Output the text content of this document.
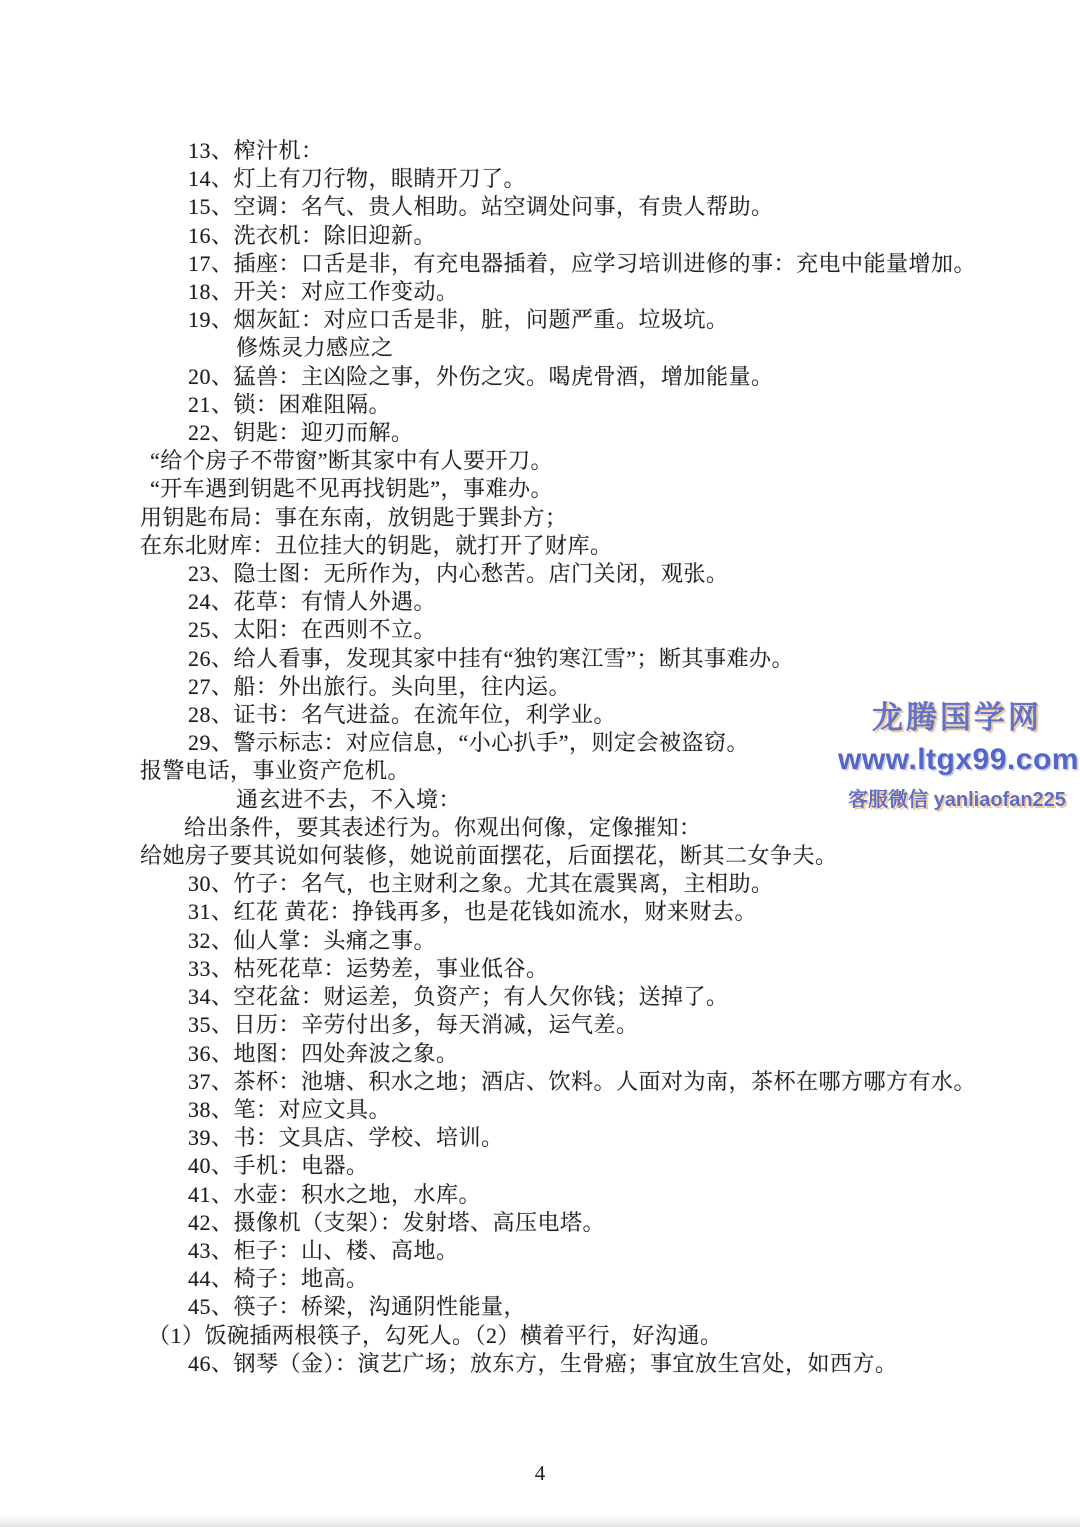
13、榨汁机：

14、灯上有刀行物，眼睛开刀了。

15、空调：名气、贵人相助。站空调处问事，有贵人帮助。

16、洗衣机：除旧迎新。

17、插座：口舌是非，有充电器插着，应学习培训进修的事：充电中能量增加。

18、开关：对应工作变动。

19、烟灰缸：对应口舌是非，脏，问题严重。垃圾坑。

修炼灵力感应之

20、猛兽：主凶险之事，外伤之灾。喝虎骨酒，增加能量。

21、锁：困难阻隔。

22、钥匙：迎刃而解。

“给个房子不带窗”断其家中有人要开刀。

“开车遇到钥匙不见再找钥匙”，事难办。

用钥匙布局：事在东南，放钥匙于巽卦方；

在东北财库：丑位挂大的钥匙，就打开了财库。

23、隐士图：无所作为，内心愁苦。店门关闭，观张。

24、花草：有情人外遇。

25、太阳：在西则不立。

26、给人看事，发现其家中挂有“独钓寒江雪”；断其事难办。

27、船：外出旅行。头向里，往内运。

28、证书：名气进益。在流年位，利学业。

29、警示标志：对应信息，“小心扒手”，则定会被盗窃。

报警电话，事业资产危机。

通玄进不去，不入境：

给出条件，要其表述行为。你观出何像，定像摧知：

给她房子要其说如何装修，她说前面摆花，后面摆花，断其二女争夫。

30、竹子：名气，也主财利之象。尤其在震巽离，主相助。

31、红花 黄花：挣钱再多，也是花钱如流水，财来财去。

32、仙人掌：头痛之事。

33、枯死花草：运势差，事业低谷。

34、空花盆：财运差，负资产；有人欠你钱；送掉了。

35、日历：辛劳付出多，每天消减，运气差。

36、地图：四处奔波之象。

37、茶杯：池塘、积水之地；酒店、饮料。人面对为南，茶杯在哪方哪方有水。

38、笔：对应文具。

39、书：文具店、学校、培训。

40、手机：电器。

41、水壶：积水之地，水库。

42、摄像机（支架）：发射塔、高压电塔。

43、柜子：山、楼、高地。

44、椅子：地高。

45、筷子：桥梁，沟通阴性能量，

（1）饭碗插两根筷子，勾死人。（2）横着平行，好沟通。

46、钢琴（金）：演艺广场；放东方，生骨癌；事宜放生宫处，如西方。

龙腾国学网
www.ltgx99.com
客服微信 yanliaofan225
4
